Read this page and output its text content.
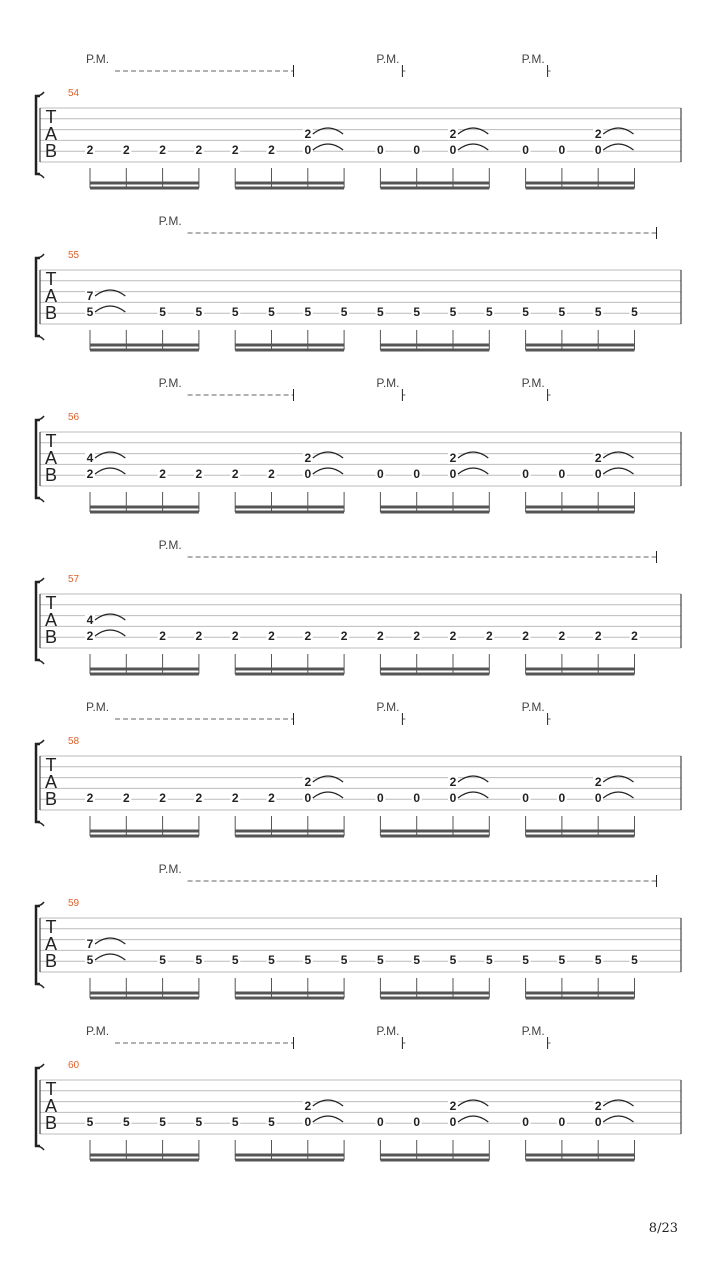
T
A
B
54
P.M.	P.M.	P.M.
2 2 2 2 2 2 0
2
0 0 0
2
0 0 0
2
T
A
B
55
P.M.
5
7
5 5 5 5 5 5 5 5 5 5 5 5 5 5
T
A
B
56
P.M.	P.M.	P.M.
2
4
2 2 2 2 0
2
0 0 0
2
0 0 0
2
T
A
B
57
P.M.
2
4
2 2 2 2 2 2 2 2 2 2 2 2 2 2
T
A
B
58
P.M.	P.M.	P.M.
2 2 2 2 2 2 0
2
0 0 0
2
0 0 0
2
T
A
B
59
P.M.
5
7
5 5 5 5 5 5 5 5 5 5 5 5 5 5
T
A
B
60
P.M.	P.M.	P.M.
5 5 5 5 5 5 0
2
0 0 0
2
0 0 0
2
8/23
